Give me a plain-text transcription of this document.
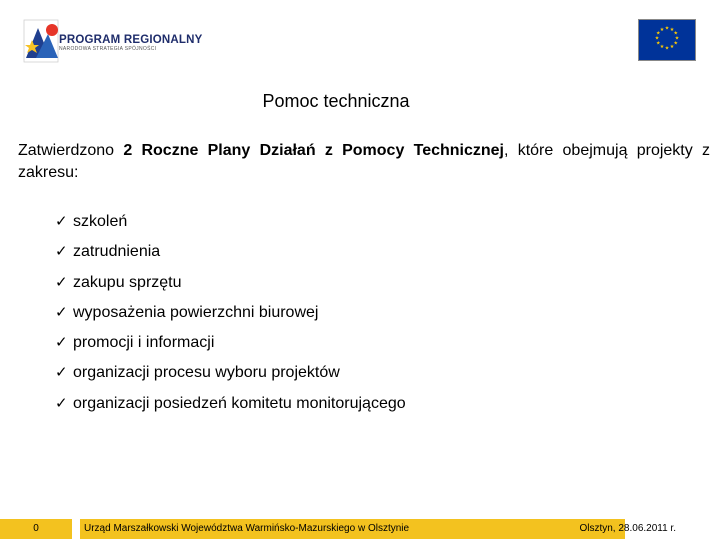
PROGRAM REGIONALNY
NARODOWA STRATEGIA SPÓJNOŚCI
★ ★
★
★
★
★
★
★
★
★
★
★
Pomoc techniczna
Zatwierdzono 2 Roczne Plany Działań z Pomocy Technicznej, które obejmują projekty z zakresu:
✓ szkoleń
✓ zatrudnienia
✓ zakupu sprzętu
✓ wyposażenia powierzchni biurowej
✓ promocji i informacji
✓ organizacji procesu wyboru projektów
✓ organizacji posiedzeń komitetu monitorującego
0	Urząd Marszałkowski Województwa Warmińsko-Mazurskiego w Olsztynie	Olsztyn, 28.06.2011 r.
